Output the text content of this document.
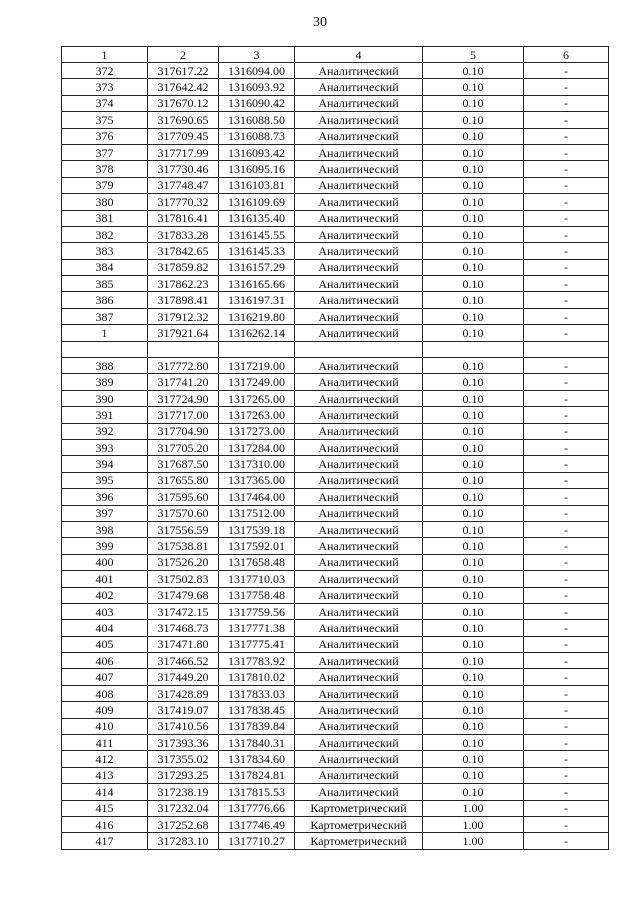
30
1	2	3	4	5	6
372	317617.22	1316094.00	Аналитический	0.10	-
373	317642.42	1316093.92	Аналитический	0.10	-
374	317670.12	1316090.42	Аналитический	0.10	-
375	317690.65	1316088.50	Аналитический	0.10	-
376	317709.45	1316088.73	Аналитический	0.10	-
377	317717.99	1316093.42	Аналитический	0.10	-
378	317730.46	1316095.16	Аналитический	0.10	-
379	317748.47	1316103.81	Аналитический	0.10	-
380	317770.32	1316109.69	Аналитический	0.10	-
381	317816.41	1316135.40	Аналитический	0.10	-
382	317833.28	1316145.55	Аналитический	0.10	-
383	317842.65	1316145.33	Аналитический	0.10	-
384	317859.82	1316157.29	Аналитический	0.10	-
385	317862.23	1316165.66	Аналитический	0.10	-
386	317898.41	1316197.31	Аналитический	0.10	-
387	317912.32	1316219.80	Аналитический	0.10	-
1	317921.64	1316262.14	Аналитический	0.10	-

388	317772.80	1317219.00	Аналитический	0.10	-
389	317741.20	1317249.00	Аналитический	0.10	-
390	317724.90	1317265.00	Аналитический	0.10	-
391	317717.00	1317263.00	Аналитический	0.10	-
392	317704.90	1317273.00	Аналитический	0.10	-
393	317705.20	1317284.00	Аналитический	0.10	-
394	317687.50	1317310.00	Аналитический	0.10	-
395	317655.80	1317365.00	Аналитический	0.10	-
396	317595.60	1317464.00	Аналитический	0.10	-
397	317570.60	1317512.00	Аналитический	0.10	-
398	317556.59	1317539.18	Аналитический	0.10	-
399	317538.81	1317592.01	Аналитический	0.10	-
400	317526.20	1317658.48	Аналитический	0.10	-
401	317502.83	1317710.03	Аналитический	0.10	-
402	317479.68	1317758.48	Аналитический	0.10	-
403	317472.15	1317759.56	Аналитический	0.10	-
404	317468.73	1317771.38	Аналитический	0.10	-
405	317471.80	1317775.41	Аналитический	0.10	-
406	317466.52	1317783.92	Аналитический	0.10	-
407	317449.20	1317810.02	Аналитический	0.10	-
408	317428.89	1317833.03	Аналитический	0.10	-
409	317419.07	1317838.45	Аналитический	0.10	-
410	317410.56	1317839.84	Аналитический	0.10	-
411	317393.36	1317840.31	Аналитический	0.10	-
412	317355.02	1317834.60	Аналитический	0.10	-
413	317293.25	1317824.81	Аналитический	0.10	-
414	317238.19	1317815.53	Аналитический	0.10	-
415	317232.04	1317776.66	Картометрический	1.00	-
416	317252.68	1317746.49	Картометрический	1.00	-
417	317283.10	1317710.27	Картометрический	1.00	-
